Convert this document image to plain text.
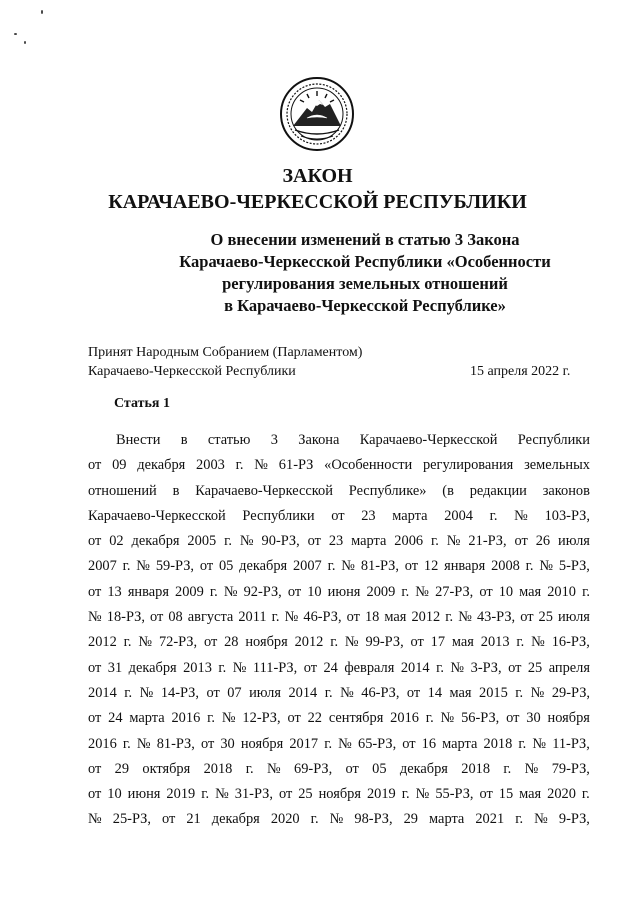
ЗАКОН
КАРАЧАЕВО-ЧЕРКЕССКОЙ РЕСПУБЛИКИ
О внесении изменений в статью 3 Закона
Карачаево-Черкесской Республики «Особенности
регулирования земельных отношений
в Карачаево-Черкесской Республике»
Принят Народным Собранием (Парламентом)
Карачаево-Черкесской Республики	15 апреля 2022 г.
Статья 1
Внести в статью 3 Закона Карачаево-Черкесской Республики
от 09 декабря 2003 г. № 61-РЗ «Особенности регулирования земельных
отношений в Карачаево-Черкесской Республике» (в редакции законов
Карачаево-Черкесской Республики от 23 марта 2004 г. № 103-РЗ,
от 02 декабря 2005 г. № 90-РЗ, от 23 марта 2006 г. № 21-РЗ, от 26 июля
2007 г. № 59-РЗ, от 05 декабря 2007 г. № 81-РЗ, от 12 января 2008 г. № 5-РЗ,
от 13 января 2009 г. № 92-РЗ, от 10 июня 2009 г. № 27-РЗ, от 10 мая 2010 г.
№ 18-РЗ, от 08 августа 2011 г. № 46-РЗ, от 18 мая 2012 г. № 43-РЗ, от 25 июля
2012 г. № 72-РЗ, от 28 ноября 2012 г. № 99-РЗ, от 17 мая 2013 г. № 16-РЗ,
от 31 декабря 2013 г. № 111-РЗ, от 24 февраля 2014 г. № 3-РЗ, от 25 апреля
2014 г. № 14-РЗ, от 07 июля 2014 г. № 46-РЗ, от 14 мая 2015 г. № 29-РЗ,
от 24 марта 2016 г. № 12-РЗ, от 22 сентября 2016 г. № 56-РЗ, от 30 ноября
2016 г. № 81-РЗ, от 30 ноября 2017 г. № 65-РЗ, от 16 марта 2018 г. № 11-РЗ,
от 29 октября 2018 г. № 69-РЗ, от 05 декабря 2018 г. № 79-РЗ,
от 10 июня 2019 г. № 31-РЗ, от 25 ноября 2019 г. № 55-РЗ, от 15 мая 2020 г.
№ 25-РЗ, от 21 декабря 2020 г. № 98-РЗ, 29 марта 2021 г. № 9-РЗ,
